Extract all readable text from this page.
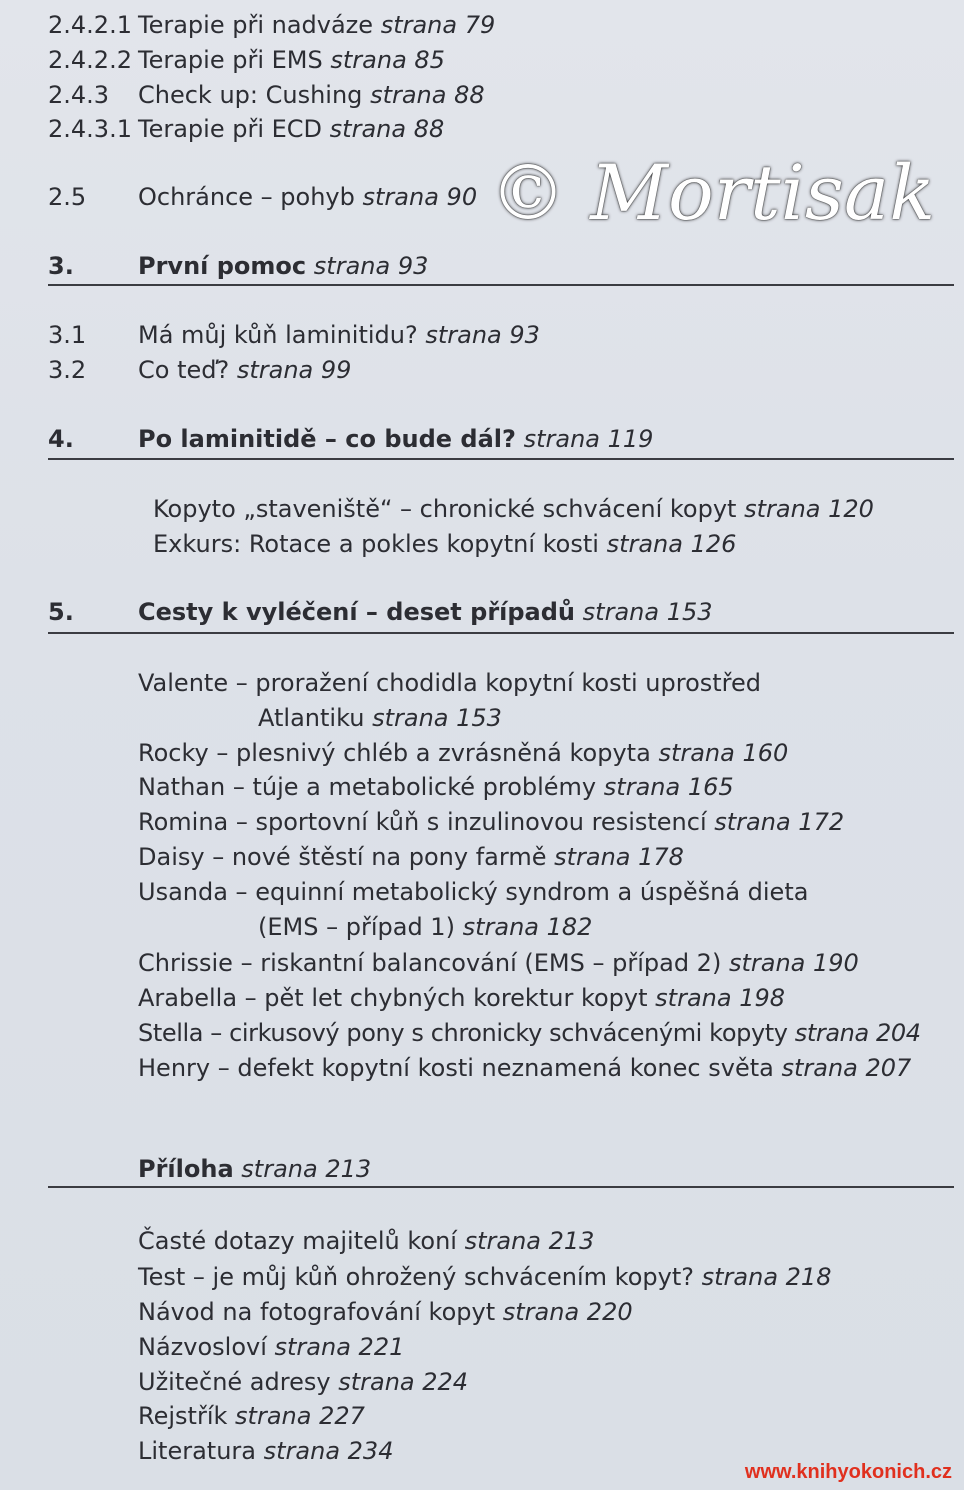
2.4.2.1 Terapie při nadváze strana 79
2.4.2.2 Terapie při EMS strana 85
2.4.3 Check up: Cushing strana 88
2.4.3.1 Terapie při ECD strana 88
2.5 Ochránce – pohyb strana 90 © Mortisak
3.	První pomoc strana 93
3.1 Má můj kůň laminitidu? strana 93
3.2 Co teď? strana 99
4.	Po laminitidě – co bude dál? strana 119
Kopyto „staveniště“ – chronické schvácení kopyt strana 120
Exkurs: Rotace a pokles kopytní kosti strana 126
5.	Cesty k vyléčení – deset případů strana 153
Valente – proražení chodidla kopytní kosti uprostřed
Atlantiku strana 153
Rocky – plesnivý chléb a zvrásněná kopyta strana 160
Nathan – túje a metabolické problémy strana 165
Romina – sportovní kůň s inzulinovou resistencí strana 172
Daisy – nové štěstí na pony farmě strana 178
Usanda – equinní metabolický syndrom a úspěšná dieta
(EMS – případ 1) strana 182
Chrissie – riskantní balancování (EMS – případ 2) strana 190
Arabella – pět let chybných korektur kopyt strana 198
Stella – cirkusový pony s chronicky schvácenými kopyty strana 204
Henry – defekt kopytní kosti neznamená konec světa strana 207
Příloha strana 213
Časté dotazy majitelů koní strana 213
Test – je můj kůň ohrožený schvácením kopyt? strana 218
Návod na fotografování kopyt strana 220
Názvosloví strana 221
Užitečné adresy strana 224
Rejstřík strana 227
Literatura strana 234
www.knihyokonich.cz
